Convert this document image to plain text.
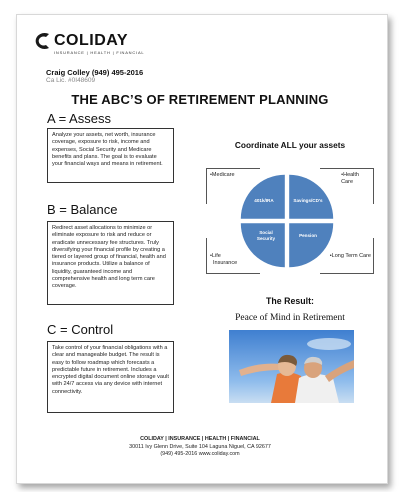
COLIDAY
INSURANCE | HEALTH | FINANCIAL
Craig Colley (949) 495-2016
Ca Lic. #0I48609
THE ABC’S OF RETIREMENT PLANNING
A = Assess
Analyze your assets, net worth, insurance coverage, exposure to risk, income and expenses, Social Security and Medicare benefits and plans. The goal is to evaluate your financial ways and means in retirement.
B = Balance
Redirect asset allocations to minimize or eliminate exposure to risk and reduce or eradicate unnecessary fee structures. Truly diversifying your financial profile by creating a tiered or layered group of financial, health and insurance products. Utilize a balance of liquidity, guaranteed income and comprehensive health and long term care coverage.
C = Control
Take control of your financial obligations with a clear and manageable budget. The result is easy to follow roadmap which forecasts a predictable future in retirement. Includes a encrypted digital document online storage vault with 24/7 access via any device with internet connectivity.
Coordinate ALL your assets
•Medicare	•Health
Care
•Life
Insurance
•Long Term Care
401k/IRA	Savings/CD's
Social
Security
Pension
The Result:
Peace of Mind in Retirement
COLIDAY | INSURANCE | HEALTH | FINANCIAL
30011 Ivy Glenn Drive, Suite 104 Laguna Niguel, CA 92677
(949) 495-2016 www.coliday.com
